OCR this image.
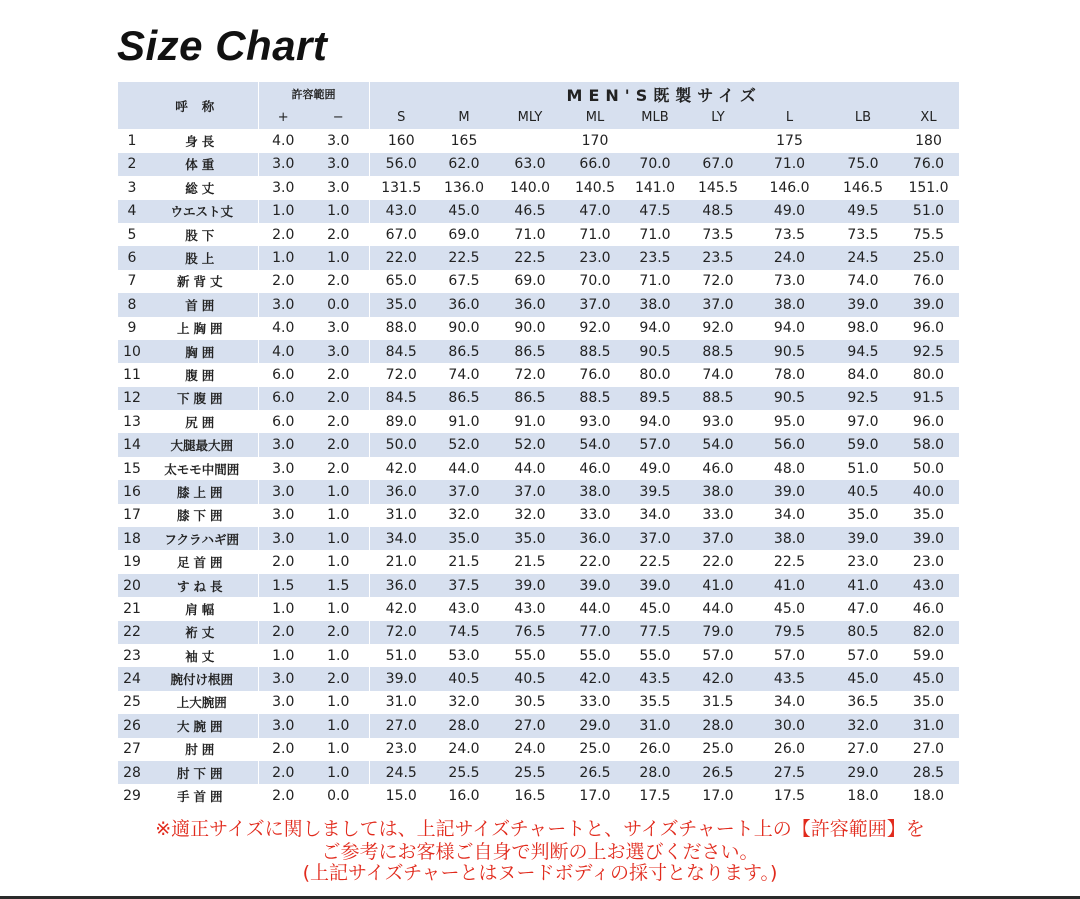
Size Chart
	呼称	許容範囲		MEN'S既製サイズ								
		+	−	S	M	MLY	ML	MLB	LY	L	LB	XL
1	身長	4.0	3.0	160	165		170			175		180
2	体重	3.0	3.0	56.0	62.0	63.0	66.0	70.0	67.0	71.0	75.0	76.0
3	総丈	3.0	3.0	131.5	136.0	140.0	140.5	141.0	145.5	146.0	146.5	151.0
4	ウエスト丈	1.0	1.0	43.0	45.0	46.5	47.0	47.5	48.5	49.0	49.5	51.0
5	股下	2.0	2.0	67.0	69.0	71.0	71.0	71.0	73.5	73.5	73.5	75.5
6	股上	1.0	1.0	22.0	22.5	22.5	23.0	23.5	23.5	24.0	24.5	25.0
7	新背丈	2.0	2.0	65.0	67.5	69.0	70.0	71.0	72.0	73.0	74.0	76.0
8	首囲	3.0	0.0	35.0	36.0	36.0	37.0	38.0	37.0	38.0	39.0	39.0
9	上胸囲	4.0	3.0	88.0	90.0	90.0	92.0	94.0	92.0	94.0	98.0	96.0
10	胸囲	4.0	3.0	84.5	86.5	86.5	88.5	90.5	88.5	90.5	94.5	92.5
11	腹囲	6.0	2.0	72.0	74.0	72.0	76.0	80.0	74.0	78.0	84.0	80.0
12	下腹囲	6.0	2.0	84.5	86.5	86.5	88.5	89.5	88.5	90.5	92.5	91.5
13	尻囲	6.0	2.0	89.0	91.0	91.0	93.0	94.0	93.0	95.0	97.0	96.0
14	大腿最大囲	3.0	2.0	50.0	52.0	52.0	54.0	57.0	54.0	56.0	59.0	58.0
15	太モモ中間囲	3.0	2.0	42.0	44.0	44.0	46.0	49.0	46.0	48.0	51.0	50.0
16	膝上囲	3.0	1.0	36.0	37.0	37.0	38.0	39.5	38.0	39.0	40.5	40.0
17	膝下囲	3.0	1.0	31.0	32.0	32.0	33.0	34.0	33.0	34.0	35.0	35.0
18	フクラハギ囲	3.0	1.0	34.0	35.0	35.0	36.0	37.0	37.0	38.0	39.0	39.0
19	足首囲	2.0	1.0	21.0	21.5	21.5	22.0	22.5	22.0	22.5	23.0	23.0
20	すね長	1.5	1.5	36.0	37.5	39.0	39.0	39.0	41.0	41.0	41.0	43.0
21	肩幅	1.0	1.0	42.0	43.0	43.0	44.0	45.0	44.0	45.0	47.0	46.0
22	裄丈	2.0	2.0	72.0	74.5	76.5	77.0	77.5	79.0	79.5	80.5	82.0
23	袖丈	1.0	1.0	51.0	53.0	55.0	55.0	55.0	57.0	57.0	57.0	59.0
24	腕付け根囲	3.0	2.0	39.0	40.5	40.5	42.0	43.5	42.0	43.5	45.0	45.0
25	上大腕囲	3.0	1.0	31.0	32.0	30.5	33.0	35.5	31.5	34.0	36.5	35.0
26	大腕囲	3.0	1.0	27.0	28.0	27.0	29.0	31.0	28.0	30.0	32.0	31.0
27	肘囲	2.0	1.0	23.0	24.0	24.0	25.0	26.0	25.0	26.0	27.0	27.0
28	肘下囲	2.0	1.0	24.5	25.5	25.5	26.5	28.0	26.5	27.5	29.0	28.5
29	手首囲	2.0	0.0	15.0	16.0	16.5	17.0	17.5	17.0	17.5	18.0	18.0
※適正サイズに関しましては、上記サイズチャートと、サイズチャート上の【許容範囲】を
ご参考にお客様ご自身で判断の上お選びください。
(上記サイズチャーとはヌードボディの採寸となります。)
